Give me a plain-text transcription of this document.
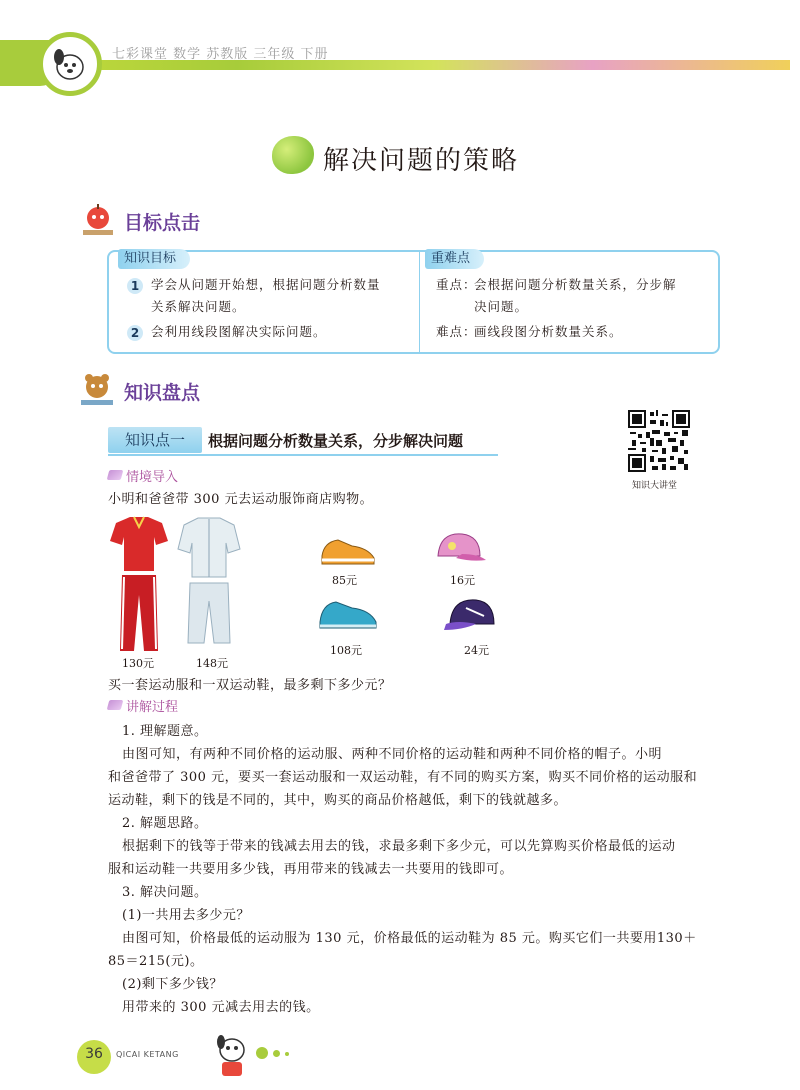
七彩课堂 数学 苏教版 三年级 下册
解决问题的策略
目标点击
知识目标	重难点
1 学会从问题开始想，根据问题分析数量
关系解决问题。
2 会利用线段图解决实际问题。
重点：
会根据问题分析数量关系，分步解
决问题。
难点：
画线段图分析数量关系。
知识盘点
知识点一	根据问题分析数量关系，分步解决问题
知识大讲堂
情境导入
小明和爸爸带 300 元去运动服饰商店购物。
130元	148元
85元	16元
108元	24元
买一套运动服和一双运动鞋，最多剩下多少元？
讲解过程
1. 理解题意。
由图可知，有两种不同价格的运动服、两种不同价格的运动鞋和两种不同价格的帽子。小明
和爸爸带了 300 元，要买一套运动服和一双运动鞋，有不同的购买方案，购买不同价格的运动服和
运动鞋，剩下的钱是不同的，其中，购买的商品价格越低，剩下的钱就越多。
2. 解题思路。
根据剩下的钱等于带来的钱减去用去的钱，求最多剩下多少元，可以先算购买价格最低的运动
服和运动鞋一共要用多少钱，再用带来的钱减去一共要用的钱即可。
3. 解决问题。
(1)一共用去多少元？
由图可知，价格最低的运动服为 130 元，价格最低的运动鞋为 85 元。购买它们一共要用130＋
85＝215(元)。
(2)剩下多少钱？
用带来的 300 元减去用去的钱。
36	QICAI KETANG
